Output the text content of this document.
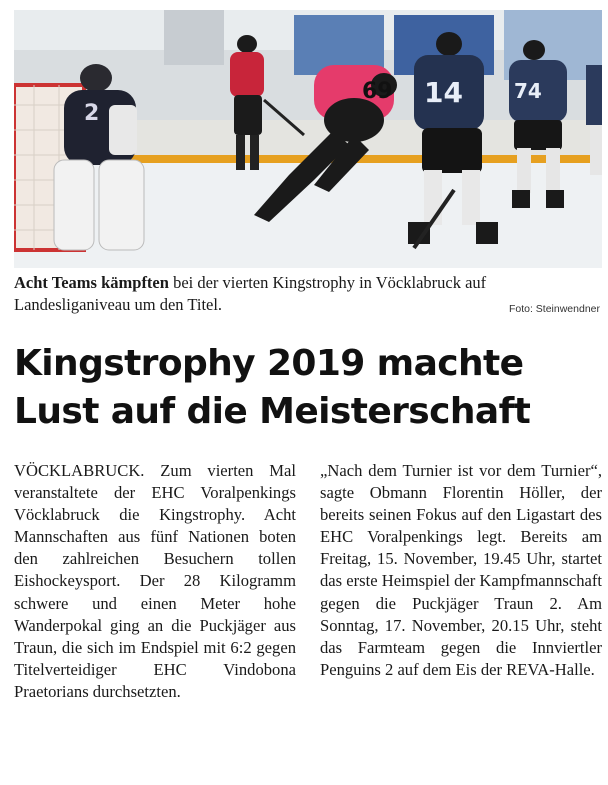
2
69 14	74
Acht Teams kämpften bei der vierten Kingstrophy in Vöcklabruck auf Landesliganiveau um den Titel.	Foto: Steinwendner
Kingstrophy 2019 machte
Lust auf die Meisterschaft

VÖCKLABRUCK. Zum vierten Mal veranstaltete der EHC Voralpenkings Vöcklabruck die Kingstrophy. Acht Mannschaften aus fünf Nationen boten den zahlreichen Besuchern tollen Eishockeysport. Der 28 Kilogramm schwere und einen Meter hohe Wanderpokal ging an die Puckjäger aus Traun, die sich im Endspiel mit 6:2 gegen Titelverteidiger EHC Vindobona Praetorians durchsetzten.

„Nach dem Turnier ist vor dem Turnier“, sagte Obmann Florentin Höller, der bereits seinen Fokus auf den Ligastart des EHC Voralpenkings legt. Bereits am Freitag, 15. November, 19.45 Uhr, startet das erste Heimspiel der Kampfmannschaft gegen die Puckjäger Traun 2. Am Sonntag, 17. November, 20.15 Uhr, steht das Farmteam gegen die Innviertler Penguins 2 auf dem Eis der REVA-Halle.
